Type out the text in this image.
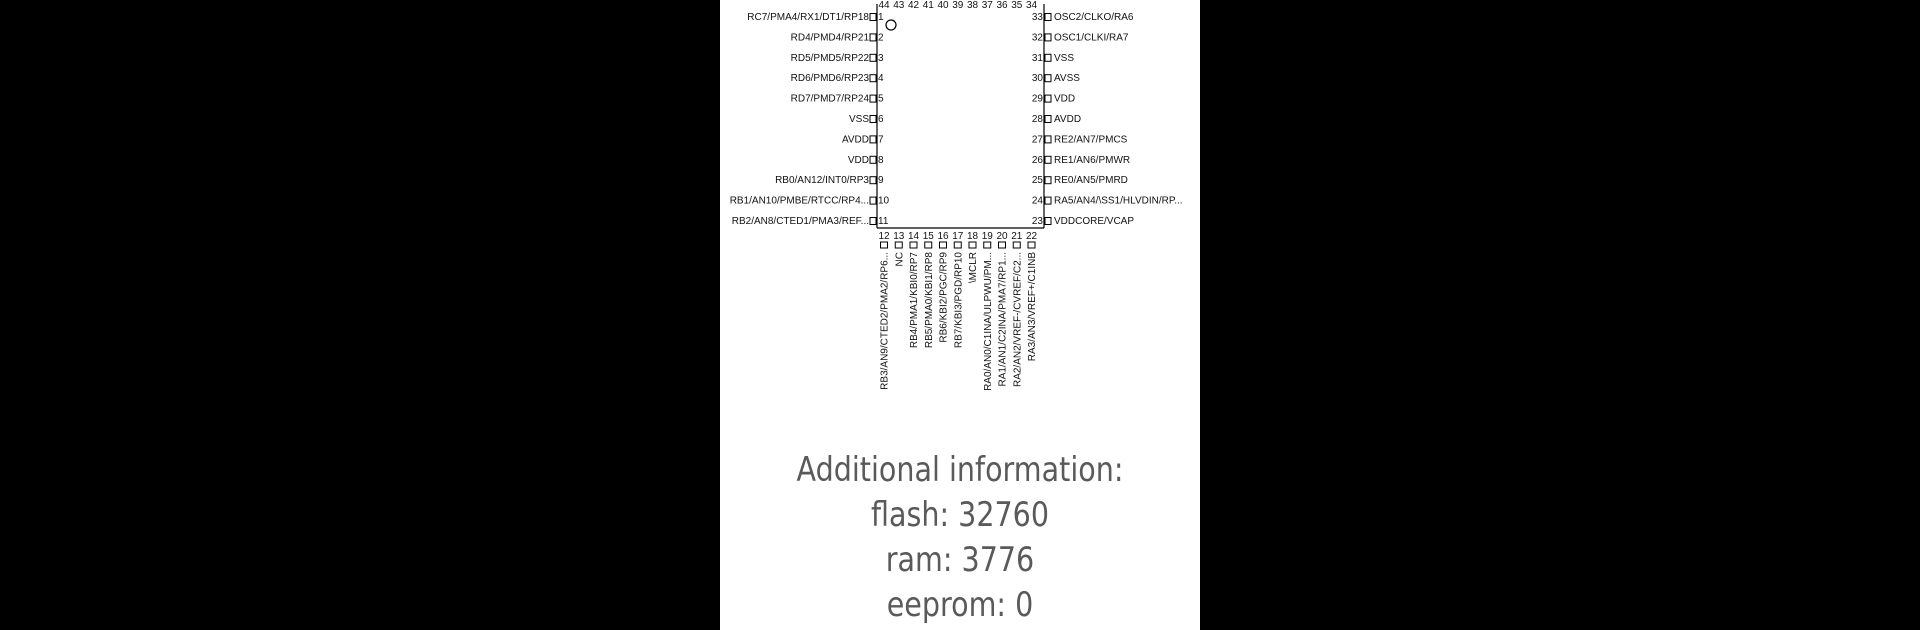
44 43 42 41 40 39 38 37 36 35 34
1
RC7/PMA4/RX1/DT1/RP18
2
RD4/PMD4/RP21
3
RD5/PMD5/RP22
4
RD6/PMD6/RP23
5
RD7/PMD7/RP24
6
VSS
7
AVDD
8
VDD
9
RB0/AN12/INT0/RP3
10
RB1/AN10/PMBE/RTCC/RP4...
11
RB2/AN8/CTED1/PMA3/REF...
33 OSC2/CLKO/RA6
32 OSC1/CLKI/RA7
31 VSS
30 AVSS
29 VDD
28 AVDD
27 RE2/AN7/PMCS
26 RE1/AN6/PMWR
25 RE0/AN5/PMRD
24 RA5/AN4/\SS1/HLVDIN/RP...
23 VDDCORE/VCAP
12
RB3/AN9/CTED2/PMA2/RP6...
13
NC
14
RB4/PMA1/KBI0/RP7
15
RB5/PMA0/KBI1/RP8
16
RB6/KBI2/PGC/RP9
17
RB7/KBI3/PGD/RP10
18
\MCLR
19
RA0/AN0/C1INA/ULPWU/PM...
20
RA1/AN1/C2INA/PMA7/RP1...
21
RA2/AN2/VREF-/CVREF/C2...
22
RA3/AN3/VREF+/C1INB
Additional information:
flash: 32760
ram: 3776
eeprom: 0
